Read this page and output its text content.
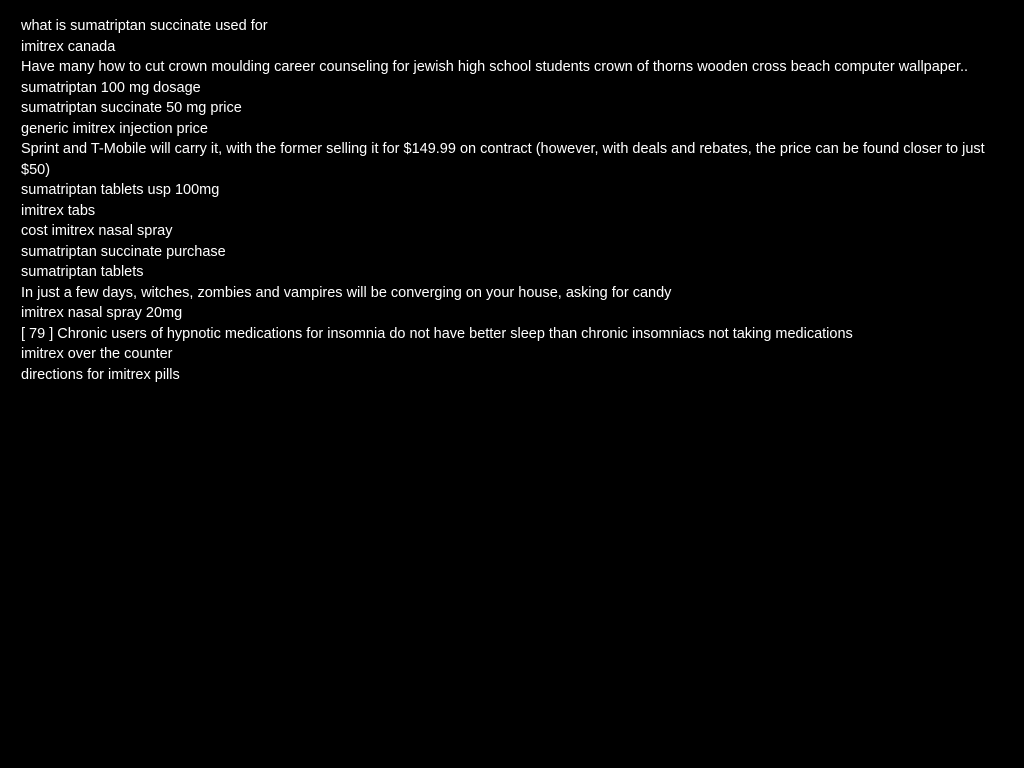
what is sumatriptan succinate used for
imitrex canada
Have many how to cut crown moulding career counseling for jewish high school students crown of thorns wooden cross beach computer wallpaper..
sumatriptan 100 mg dosage
sumatriptan succinate 50 mg price
generic imitrex injection price
Sprint and T-Mobile will carry it, with the former selling it for $149.99 on contract (however, with deals and rebates, the price can be found closer to just $50)
sumatriptan tablets usp 100mg
imitrex tabs
cost imitrex nasal spray
sumatriptan succinate purchase
sumatriptan tablets
In just a few days, witches, zombies and vampires will be converging on your house, asking for candy
imitrex nasal spray 20mg
[ 79 ] Chronic users of hypnotic medications for insomnia do not have better sleep than chronic insomniacs not taking medications
imitrex over the counter
directions for imitrex pills
